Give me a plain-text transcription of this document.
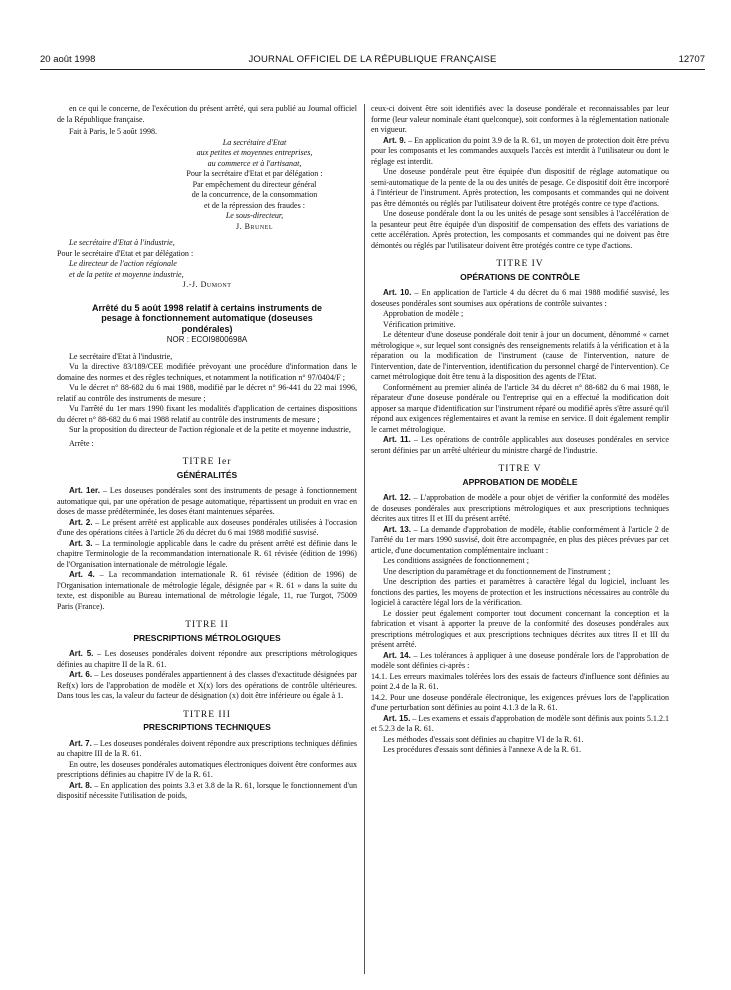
20 août 1998	JOURNAL OFFICIEL DE LA RÉPUBLIQUE FRANÇAISE	12707

en ce qui le concerne, de l'exécution du présent arrêté, qui sera publié au Journal officiel de la République française.

Fait à Paris, le 5 août 1998.

La secrétaire d'Etat

aux petites et moyennes entreprises,

au commerce et à l'artisanat,

Pour la secrétaire d'Etat et par délégation :

Par empêchement du directeur général

de la concurrence, de la consommation

et de la répression des fraudes :

Le sous-directeur,

J. Brunel

Le secrétaire d'Etat à l'industrie,

Pour le secrétaire d'Etat et par délégation :

Le directeur de l'action régionale

et de la petite et moyenne industrie,

J.-J. Dumont

Arrêté du 5 août 1998 relatif à certains instruments de pesage à fonctionnement automatique (doseuses pondérales)

NOR : ECOI9800698A

Le secrétaire d'Etat à l'industrie,

Vu la directive 83/189/CEE modifiée prévoyant une procédure d'information dans le domaine des normes et des règles techniques, et notamment la notification n° 97/0404/F ;

Vu le décret n° 88-682 du 6 mai 1988, modifié par le décret n° 96-441 du 22 mai 1996, relatif au contrôle des instruments de mesure ;

Vu l'arrêté du 1er mars 1990 fixant les modalités d'application de certaines dispositions du décret n° 88-682 du 6 mai 1988 relatif au contrôle des instruments de mesure ;

Sur la proposition du directeur de l'action régionale et de la petite et moyenne industrie,

Arrête :

TITRE Ier

GÉNÉRALITÉS

Art. 1er. – Les doseuses pondérales sont des instruments de pesage à fonctionnement automatique qui, par une opération de pesage automatique, répartissent un produit en vrac en doses de masse prédéterminée, les doses étant maintenues séparées.

Art. 2. – Le présent arrêté est applicable aux doseuses pondérales utilisées à l'occasion d'une des opérations citées à l'article 26 du décret du 6 mai 1988 modifié susvisé.

Art. 3. – La terminologie applicable dans le cadre du présent arrêté est définie dans le chapitre Terminologie de la recommandation internationale R. 61 révisée (édition de 1996) de l'Organisation internationale de métrologie légale.

Art. 4. – La recommandation internationale R. 61 révisée (édition de 1996) de l'Organisation internationale de métrologie légale, désignée par « R. 61 » dans la suite du texte, est disponible au Bureau international de métrologie légale, 11, rue Turgot, 75009 Paris (France).

TITRE II

PRESCRIPTIONS MÉTROLOGIQUES

Art. 5. – Les doseuses pondérales doivent répondre aux prescriptions métrologiques définies au chapitre II de la R. 61.

Art. 6. – Les doseuses pondérales appartiennent à des classes d'exactitude désignées par Ref(x) lors de l'approbation de modèle et X(x) lors des opérations de contrôle ultérieures. Dans tous les cas, la valeur du facteur de désignation (x) doit être inférieure ou égale à 1.

TITRE III

PRESCRIPTIONS TECHNIQUES

Art. 7. – Les doseuses pondérales doivent répondre aux prescriptions techniques définies au chapitre III de la R. 61.

En outre, les doseuses pondérales automatiques électroniques doivent être conformes aux prescriptions définies au chapitre IV de la R. 61.

Art. 8. – En application des points 3.3 et 3.8 de la R. 61, lorsque le fonctionnement d'un dispositif nécessite l'utilisation de poids,

ceux-ci doivent être soit identifiés avec la doseuse pondérale et reconnaissables par leur forme (leur valeur nominale étant quelconque), soit conformes à la réglementation nationale en vigueur.

Art. 9. – En application du point 3.9 de la R. 61, un moyen de protection doit être prévu pour les composants et les commandes auxquels l'accès est interdit à l'utilisateur ou dont le réglage est interdit.

Une doseuse pondérale peut être équipée d'un dispositif de réglage automatique ou semi-automatique de la pente de la ou des unités de pesage. Ce dispositif doit être incorporé à l'intérieur de l'instrument. Après protection, les composants et commandes qui ne doivent pas être démontés ou réglés par l'utilisateur doivent être protégés contre ce type d'actions.

Une doseuse pondérale dont la ou les unités de pesage sont sensibles à l'accélération de la pesanteur peut être équipée d'un dispositif de compensation des effets des variations de cette accélération. Après protection, les composants et commandes qui ne doivent pas être démontés ou réglés par l'utilisateur doivent être protégés contre ce type d'actions.

TITRE IV

OPÉRATIONS DE CONTRÔLE

Art. 10. – En application de l'article 4 du décret du 6 mai 1988 modifié susvisé, les doseuses pondérales sont soumises aux opérations de contrôle suivantes :

Approbation de modèle ;

Vérification primitive.

Le détenteur d'une doseuse pondérale doit tenir à jour un document, dénommé « carnet métrologique », sur lequel sont consignés des renseignements relatifs à la vérification et à la réparation ou la modification de l'instrument (cause de l'intervention, nature de l'intervention, date de l'intervention, identification du personnel chargé de l'intervention). Ce carnet métrologique doit être tenu à la disposition des agents de l'Etat.

Conformément au premier alinéa de l'article 34 du décret n° 88-682 du 6 mai 1988, le réparateur d'une doseuse pondérale ou l'entreprise qui en a effectué la modification doit apposer sa marque d'identification sur l'instrument réparé ou modifié après s'être assuré qu'il répond aux exigences réglementaires et avant la remise en service. Il doit également remplir le carnet métrologique.

Art. 11. – Les opérations de contrôle applicables aux doseuses pondérales en service seront définies par un arrêté ultérieur du ministre chargé de l'industrie.

TITRE V

APPROBATION DE MODÈLE

Art. 12. – L'approbation de modèle a pour objet de vérifier la conformité des modèles de doseuses pondérales aux prescriptions métrologiques et aux prescriptions techniques décrites aux titres II et III du présent arrêté.

Art. 13. – La demande d'approbation de modèle, établie conformément à l'article 2 de l'arrêté du 1er mars 1990 susvisé, doit être accompagnée, en plus des pièces prévues par cet article, d'une documentation complémentaire incluant :

Les conditions assignées de fonctionnement ;

Une description du paramétrage et du fonctionnement de l'instrument ;

Une description des parties et paramètres à caractère légal du logiciel, incluant les fonctions des parties, les moyens de protection et les instructions nécessaires au contrôle du logiciel à caractère légal lors de la vérification.

Le dossier peut également comporter tout document concernant la conception et la fabrication et visant à apporter la preuve de la conformité des doseuses pondérales aux prescriptions métrologiques et aux prescriptions techniques décrites aux titres II et III du présent arrêté.

Art. 14. – Les tolérances à appliquer à une doseuse pondérale lors de l'approbation de modèle sont définies ci-après :

14.1. Les erreurs maximales tolérées lors des essais de facteurs d'influence sont définies au point 2.4 de la R. 61.

14.2. Pour une doseuse pondérale électronique, les exigences prévues lors de l'application d'une perturbation sont définies au point 4.1.3 de la R. 61.

Art. 15. – Les examens et essais d'approbation de modèle sont définis aux points 5.1.2.1 et 5.2.3 de la R. 61.

Les méthodes d'essais sont définies au chapitre VI de la R. 61.

Les procédures d'essais sont définies à l'annexe A de la R. 61.
